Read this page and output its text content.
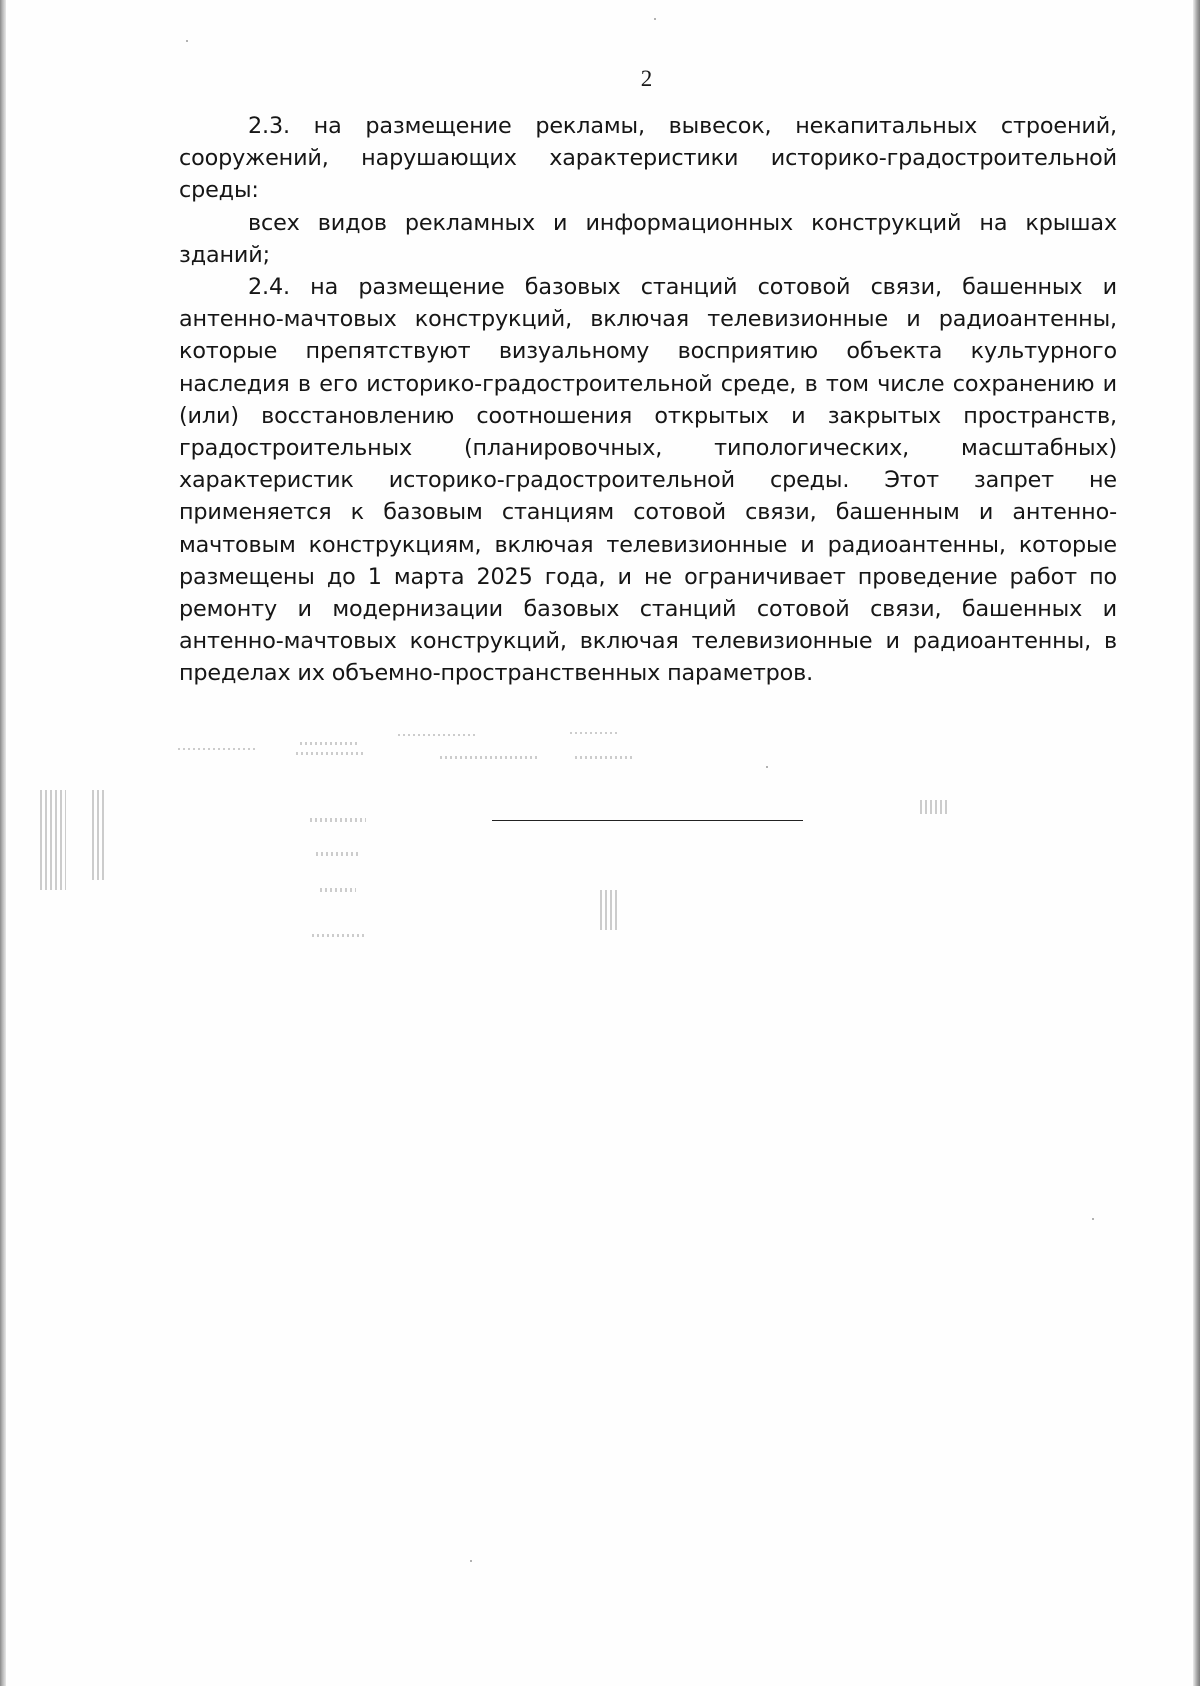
2

2.3. на размещение рекламы, вывесок, некапитальных строений, сооружений, нарушающих характеристики историко-градостроительной среды:

всех видов рекламных и информационных конструкций на крышах зданий;

2.4. на размещение базовых станций сотовой связи, башенных и антенно-мачтовых конструкций, включая телевизионные и радиоантенны, которые препятствуют визуальному восприятию объекта культурного наследия в его историко-градостроительной среде, в том числе сохранению и (или) восстановлению соотношения открытых и закрытых пространств, градостроительных (планировочных, типологических, масштабных) характеристик историко-градостроительной среды. Этот запрет не применяется к базовым станциям сотовой связи, башенным и антенно-мачтовым конструкциям, включая телевизионные и радиоантенны, которые размещены до 1 марта 2025 года, и не ограничивает проведение работ по ремонту и модернизации базовых станций сотовой связи, башенных и антенно-мачтовых конструкций, включая телевизионные и радиоантенны, в пределах их объемно-пространственных параметров.
